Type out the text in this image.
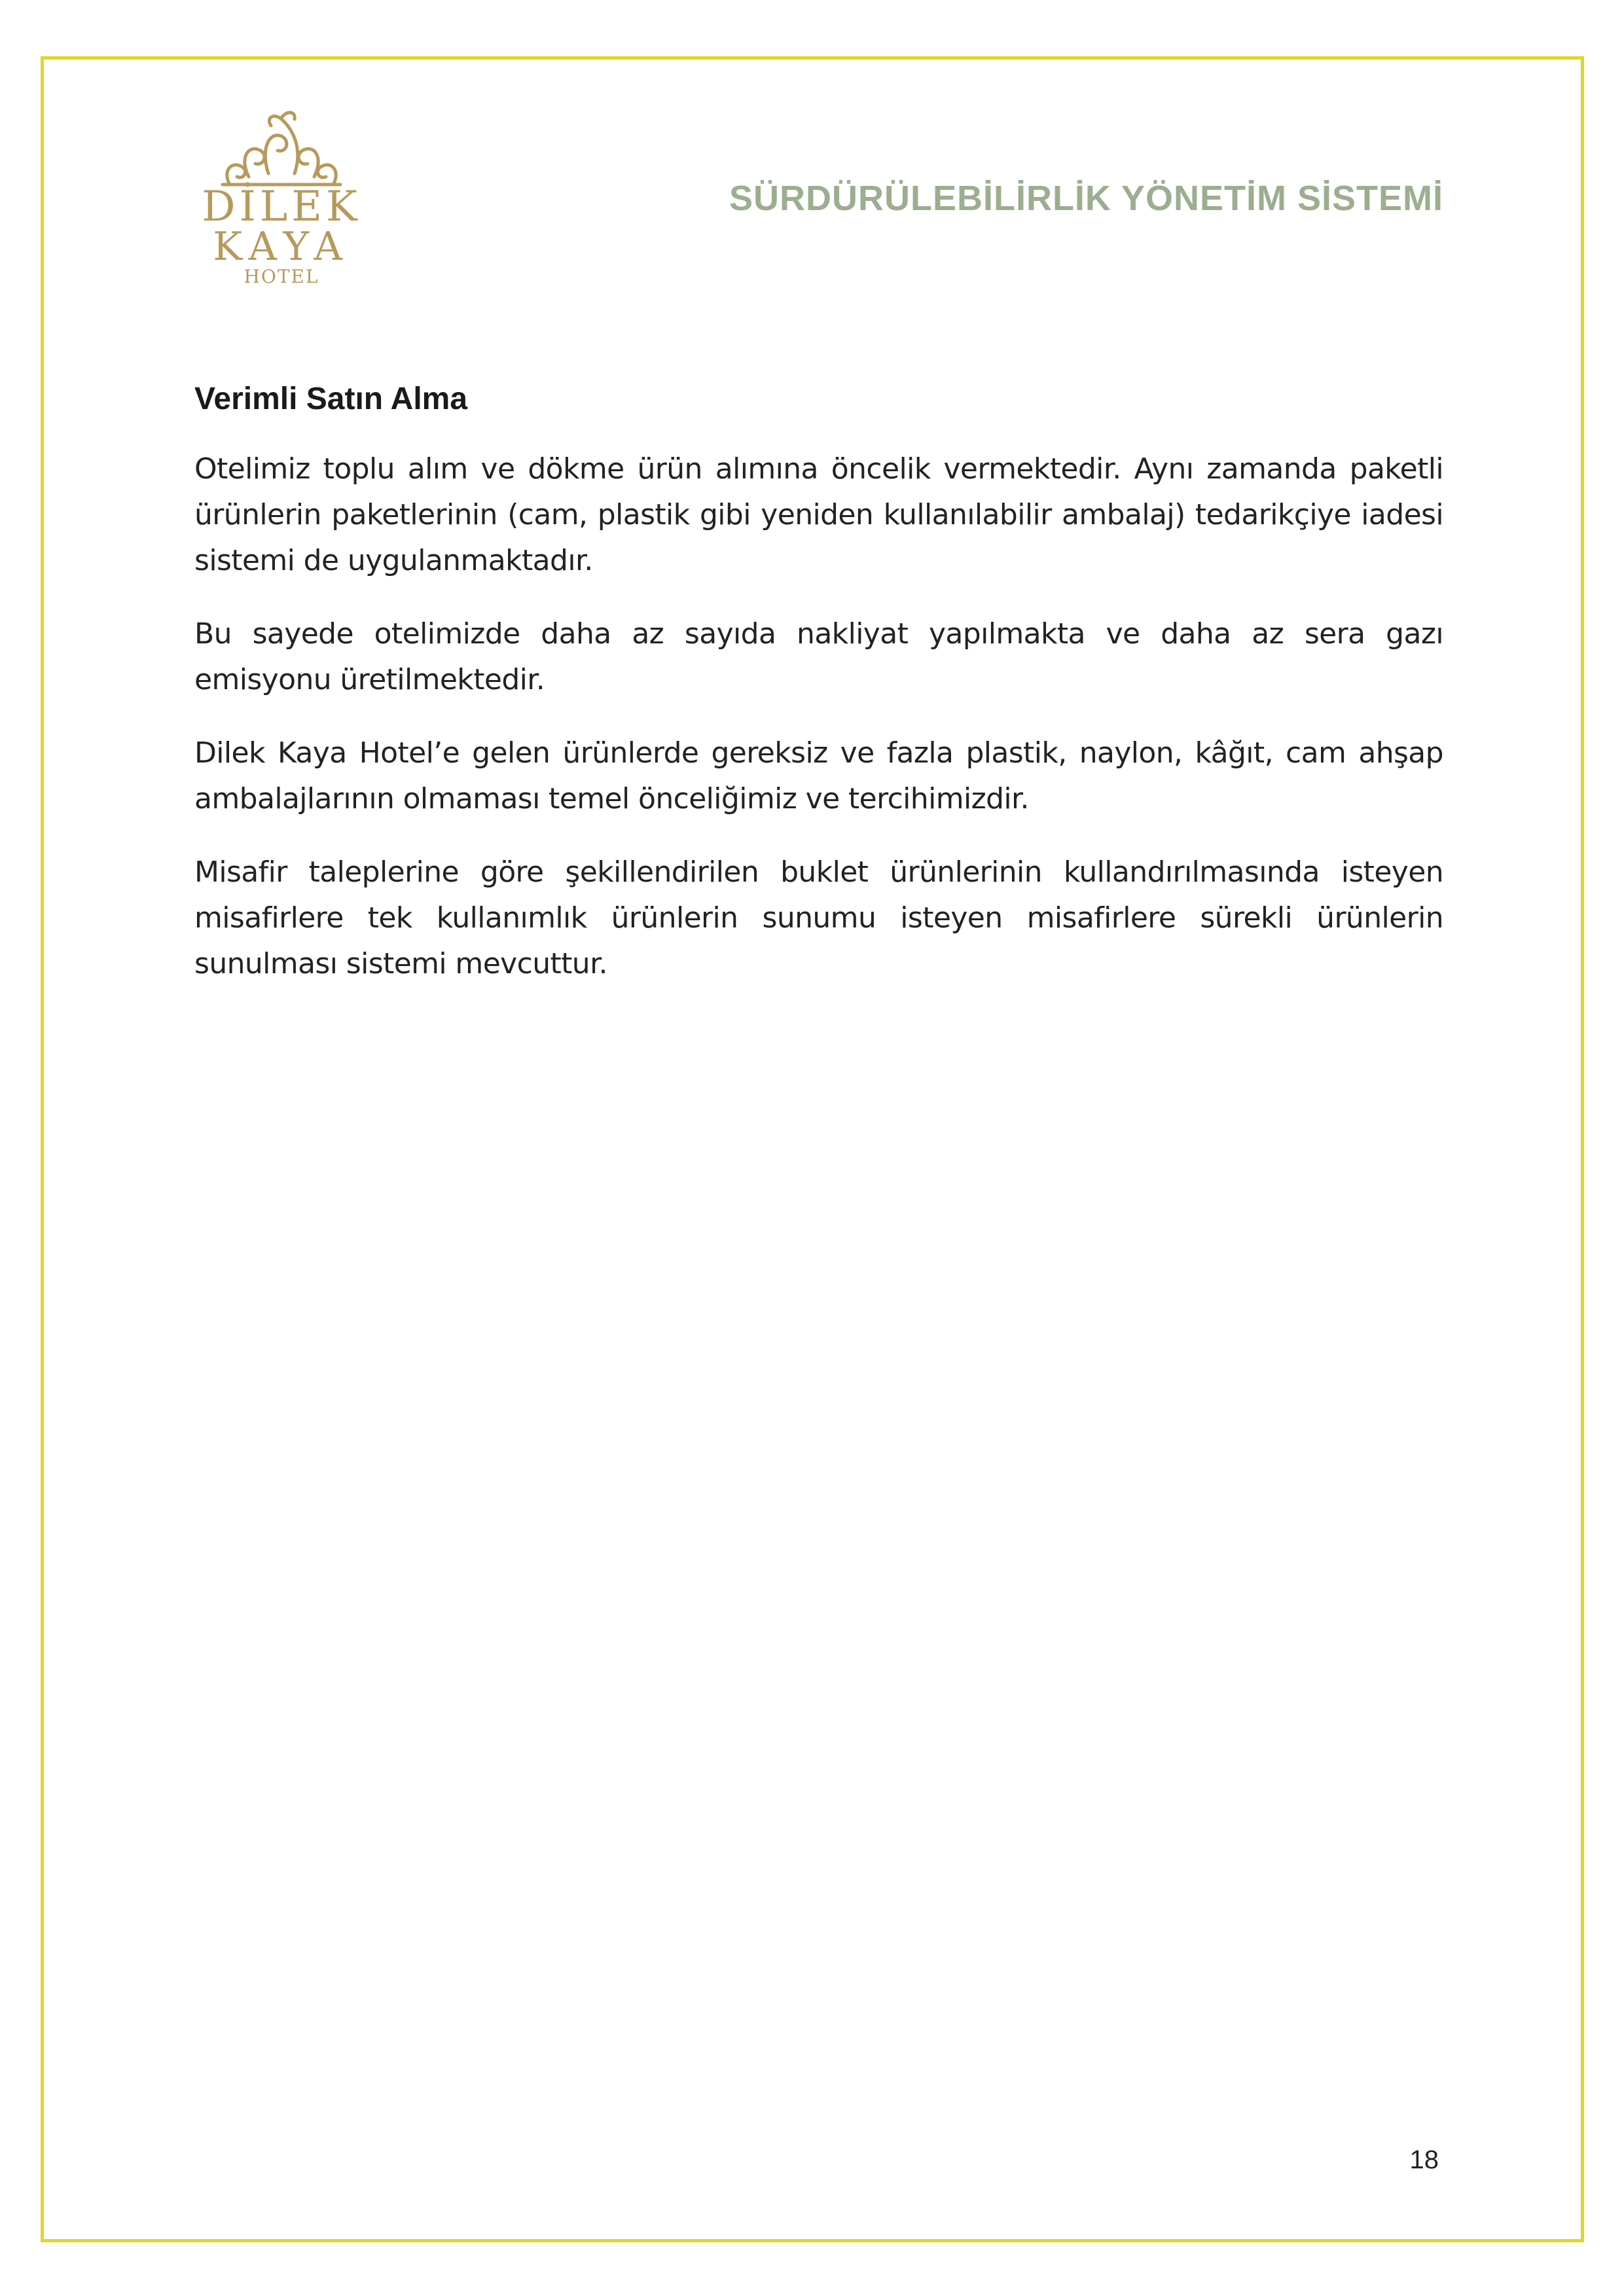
DİLEK
KAYA
HOTEL
SÜRDÜRÜLEBİLİRLİK YÖNETİM SİSTEMİ
Verimli Satın Alma

Otelimiz toplu alım ve dökme ürün alımına öncelik vermektedir. Aynı zamanda paketli ürünlerin paketlerinin (cam, plastik gibi yeniden kullanılabilir ambalaj) tedarikçiye iadesi sistemi de uygulanmaktadır.

Bu sayede otelimizde daha az sayıda nakliyat yapılmakta ve daha az sera gazı emisyonu üretilmektedir.

Dilek Kaya Hotel’e gelen ürünlerde gereksiz ve fazla plastik, naylon, kâğıt, cam ahşap ambalajlarının olmaması temel önceliğimiz ve tercihimizdir.

Misafir taleplerine göre şekillendirilen buklet ürünlerinin kullandırılmasında isteyen misafirlere tek kullanımlık ürünlerin sunumu isteyen misafirlere sürekli ürünlerin sunulması sistemi mevcuttur.

18
